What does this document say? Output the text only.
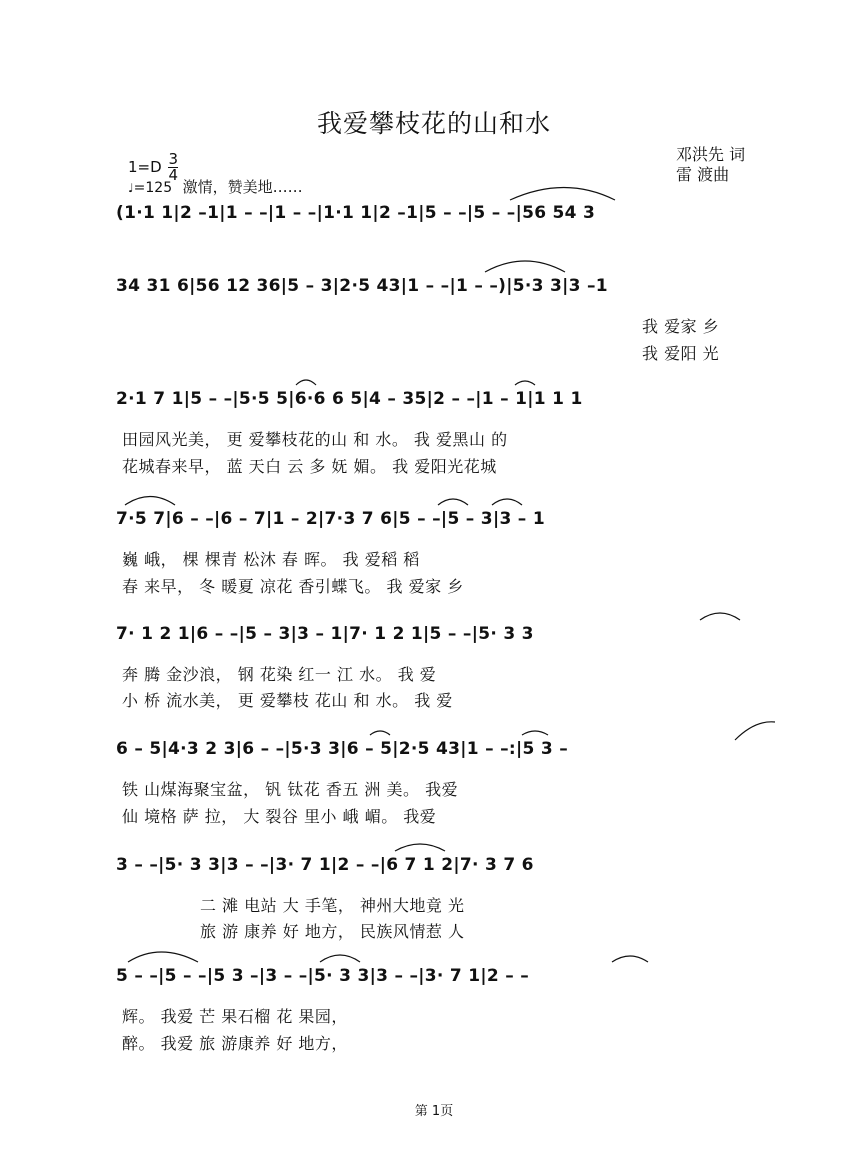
我爱攀枝花的山和水
邓洪先 词
雷 渡曲
$1=D \frac{3}{4}$
♩=125 激情，赞美地……
(1·1 1|2 –1|1 – –|1 – –|1·1 1|2 –1|5 – –|5 – –|56 54 3
34 31 6|56 12 36|5 – 3|2·5 43|1 – –|1 – –)|5·3 3|3 –1
我 爱家 乡
我 爱阳 光
2·1 7 1|5 – –|5·5 5|6·6 6 5|4 – 35|2 – –|1 – 1|1 1 1
田园风光美， 更 爱攀枝花的山 和 水。 我 爱黑山 的
花城春来早， 蓝 天白 云 多 妩 媚。 我 爱阳光花城
7·5 7|6 – –|6 – 7|1 – 2|7·3 7 6|5 – –|5 – 3|3 – 1
巍 峨， 棵 棵青 松沐 春 晖。 我 爱稻 稻
春 来早， 冬 暖夏 凉花 香引蝶飞。 我 爱家 乡
7· 1 2 1|6 – –|5 – 3|3 – 1|7· 1 2 1|5 – –|5· 3 3
奔 腾 金沙浪， 钢 花染 红一 江 水。 我 爱
小 桥 流水美， 更 爱攀枝 花山 和 水。 我 爱
6 – 5|4·3 2 3|6 – –|5·3 3|6 – 5|2·5 43|1 – –:|5 3 –
铁 山煤海聚宝盆， 钒 钛花 香五 洲 美。 我爱
仙 境格 萨 拉， 大 裂谷 里小 峨 嵋。 我爱
3 – –|5· 3 3|3 – –|3· 7 1|2 – –|6 7 1 2|7· 3 7 6
二 滩 电站 大 手笔， 神州大地竟 光
旅 游 康养 好 地方， 民族风情惹 人
5 – –|5 – –|5 3 –|3 – –|5· 3 3|3 – –|3· 7 1|2 – –
辉。 我爱 芒 果石榴 花 果园，
醉。 我爱 旅 游康养 好 地方，
第 1页
